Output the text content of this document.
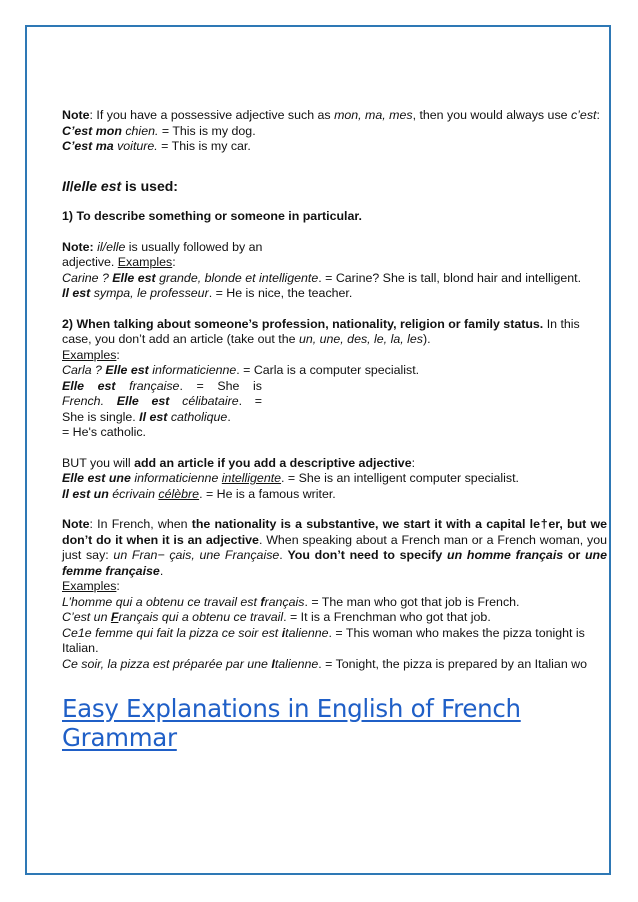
Note: If you have a possessive adjective such as mon, ma, mes, then you would always use c’est:

C’est mon chien. = This is my dog.

C’est ma voiture. = This is my car.

Il/elle est is used:

1) To describe something or someone in particular.

Note: il/elle is usually followed by an

adjective. Examples:

Carine ? Elle est grande, blonde et intelligente. = Carine? She is tall, blond hair and intelligent.

Il est sympa, le professeur. = He is nice, the teacher.

2) When talking about someone’s profession, nationality, religion or family status. In this case, you don’t add an article (take out the un, une, des, le, la, les).

Examples:

Carla ? Elle est informaticienne. = Carla is a computer specialist.

Elle est française. = She is

French. Elle est célibataire. =

She is single. Il est catholique.

= He's catholic.

BUT you will add an article if you add a descriptive adjective:

Elle est une informaticienne intelligente. = She is an intelligent computer specialist.

Il est un écrivain célèbre. = He is a famous writer.

Note: In French, when the nationality is a substantive, we start it with a capital le†er, but we don’t do it when it is an adjective. When speaking about a French man or a French woman, you just say: un Fran− çais, une Française. You don’t need to specify un homme français or une femme française.

Examples:

L’homme qui a obtenu ce travail est français. = The man who got that job is French.

C’est un Français qui a obtenu ce travail. = It is a Frenchman who got that job.

Ce1e femme qui fait la pizza ce soir est italienne. = This woman who makes the pizza tonight is Italian.

Ce soir, la pizza est préparée par une Italienne. = Tonight, the pizza is prepared by an Italian wo

Easy Explanations in English of French Grammar
